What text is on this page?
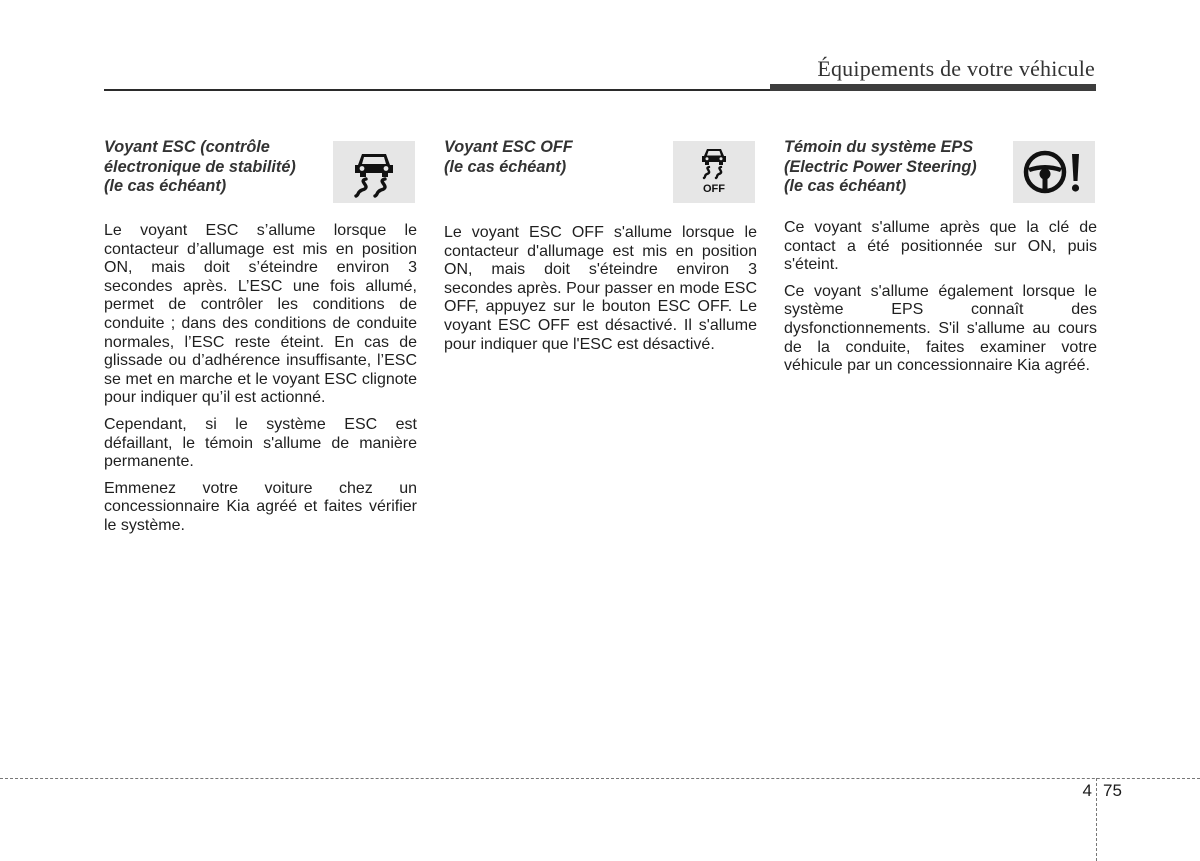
Équipements de votre véhicule
Voyant ESC (contrôle
électronique de stabilité)
(le cas échéant)

Le voyant ESC s’allume lorsque le contacteur d’allumage est mis en position ON, mais doit s’éteindre environ 3 secondes après. L’ESC une fois allumé, permet de contrôler les conditions de conduite ; dans des conditions de conduite normales, l’ESC reste éteint. En cas de glissade ou d’adhérence insuffisante, l’ESC se met en marche et le voyant ESC clignote pour indiquer qu’il est actionné.

Cependant, si le système ESC est défaillant, le témoin s'allume de manière permanente.

Emmenez votre voiture chez un concessionnaire Kia agréé et faites vérifier le système.

Voyant ESC OFF
(le cas échéant)
OFF

Le voyant ESC OFF s'allume lorsque le contacteur d'allumage est mis en position ON, mais doit s'éteindre environ 3 secondes après. Pour passer en mode ESC OFF, appuyez sur le bouton ESC OFF. Le voyant ESC OFF est désactivé. Il s'allume pour indiquer que l'ESC est désactivé.

Témoin du système EPS
(Electric Power Steering)
(le cas échéant)

Ce voyant s'allume après que la clé de contact a été positionnée sur ON, puis s'éteint.

Ce voyant s'allume également lorsque le système EPS connaît des dysfonctionnements. S'il s'allume au cours de la conduite, faites examiner votre véhicule par un concessionnaire Kia agréé.

4 75
